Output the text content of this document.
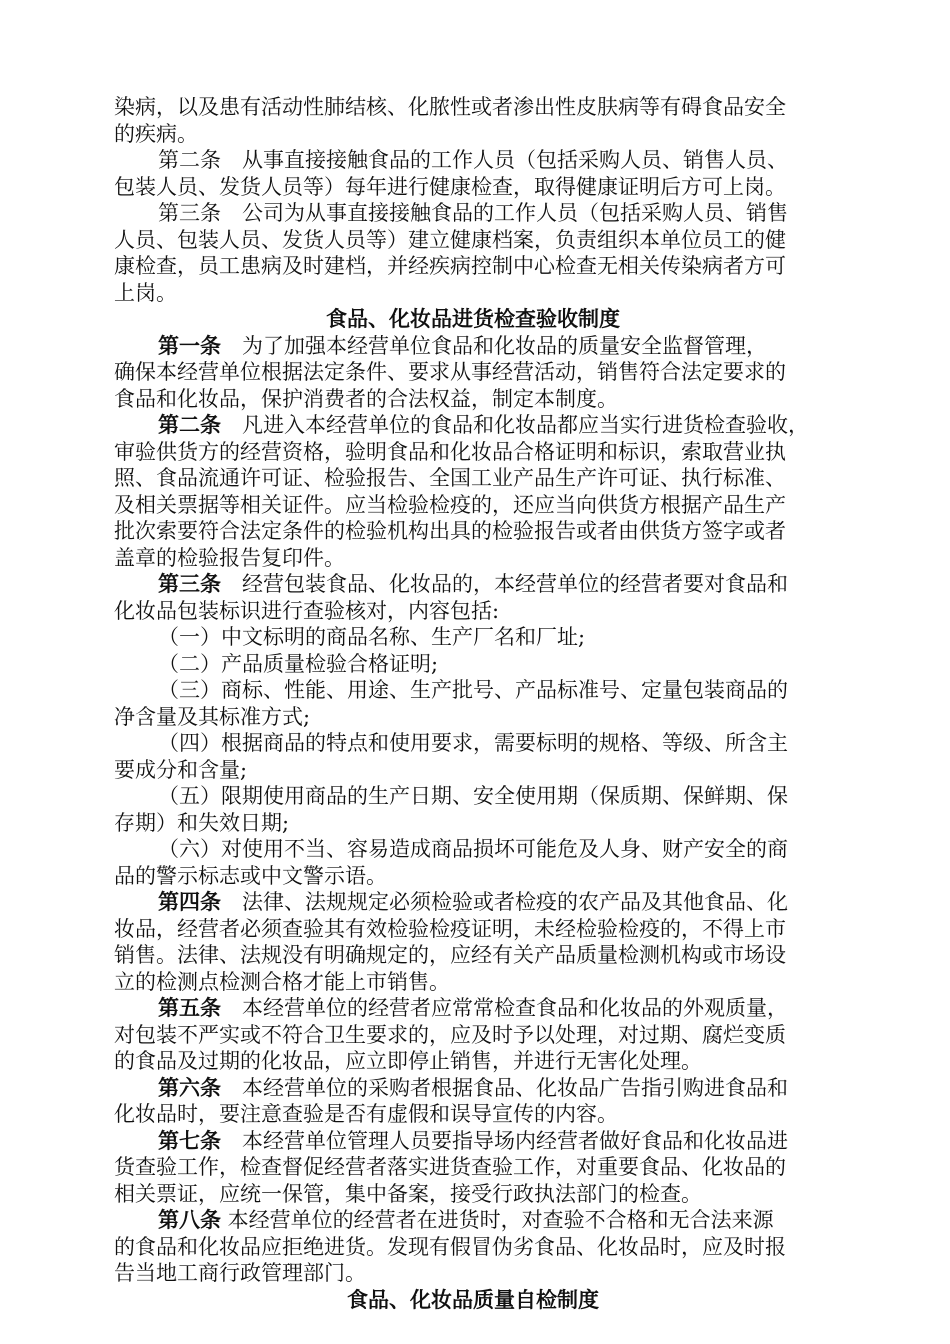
染病，以及患有活动性肺结核、化脓性或者渗出性皮肤病等有碍食品安全
的疾病。
第二条　从事直接接触食品的工作人员（包括采购人员、销售人员、
包装人员、发货人员等）每年进行健康检查，取得健康证明后方可上岗。
第三条　公司为从事直接接触食品的工作人员（包括采购人员、销售
人员、包装人员、发货人员等）建立健康档案，负责组织本单位员工的健
康检查，员工患病及时建档，并经疾病控制中心检查无相关传染病者方可
上岗。
食品、化妆品进货检查验收制度
第一条　为了加强本经营单位食品和化妆品的质量安全监督管理，
确保本经营单位根据法定条件、要求从事经营活动，销售符合法定要求的
食品和化妆品，保护消费者的合法权益，制定本制度。
第二条　凡进入本经营单位的食品和化妆品都应当实行进货检查验收，
审验供货方的经营资格，验明食品和化妆品合格证明和标识，索取营业执
照、食品流通许可证、检验报告、全国工业产品生产许可证、执行标准、
及相关票据等相关证件。应当检验检疫的，还应当向供货方根据产品生产
批次索要符合法定条件的检验机构出具的检验报告或者由供货方签字或者
盖章的检验报告复印件。
第三条　经营包装食品、化妆品的，本经营单位的经营者要对食品和
化妆品包装标识进行查验核对，内容包括:
（一）中文标明的商品名称、生产厂名和厂址;
（二）产品质量检验合格证明;
（三）商标、性能、用途、生产批号、产品标准号、定量包装商品的
净含量及其标准方式;
（四）根据商品的特点和使用要求，需要标明的规格、等级、所含主
要成分和含量;
（五）限期使用商品的生产日期、安全使用期（保质期、保鲜期、保
存期）和失效日期;
（六）对使用不当、容易造成商品损坏可能危及人身、财产安全的商
品的警示标志或中文警示语。
第四条　法律、法规规定必须检验或者检疫的农产品及其他食品、化
妆品，经营者必须查验其有效检验检疫证明，未经检验检疫的，不得上市
销售。法律、法规没有明确规定的，应经有关产品质量检测机构或市场设
立的检测点检测合格才能上市销售。
第五条　本经营单位的经营者应常常检查食品和化妆品的外观质量，
对包装不严实或不符合卫生要求的，应及时予以处理，对过期、腐烂变质
的食品及过期的化妆品，应立即停止销售，并进行无害化处理。
第六条　本经营单位的采购者根据食品、化妆品广告指引购进食品和
化妆品时，要注意查验是否有虚假和误导宣传的内容。
第七条　本经营单位管理人员要指导场内经营者做好食品和化妆品进
货查验工作，检查督促经营者落实进货查验工作，对重要食品、化妆品的
相关票证，应统一保管，集中备案，接受行政执法部门的检查。
第八条 本经营单位的经营者在进货时，对查验不合格和无合法来源
的食品和化妆品应拒绝进货。发现有假冒伪劣食品、化妆品时，应及时报
告当地工商行政管理部门。
食品、化妆品质量自检制度
